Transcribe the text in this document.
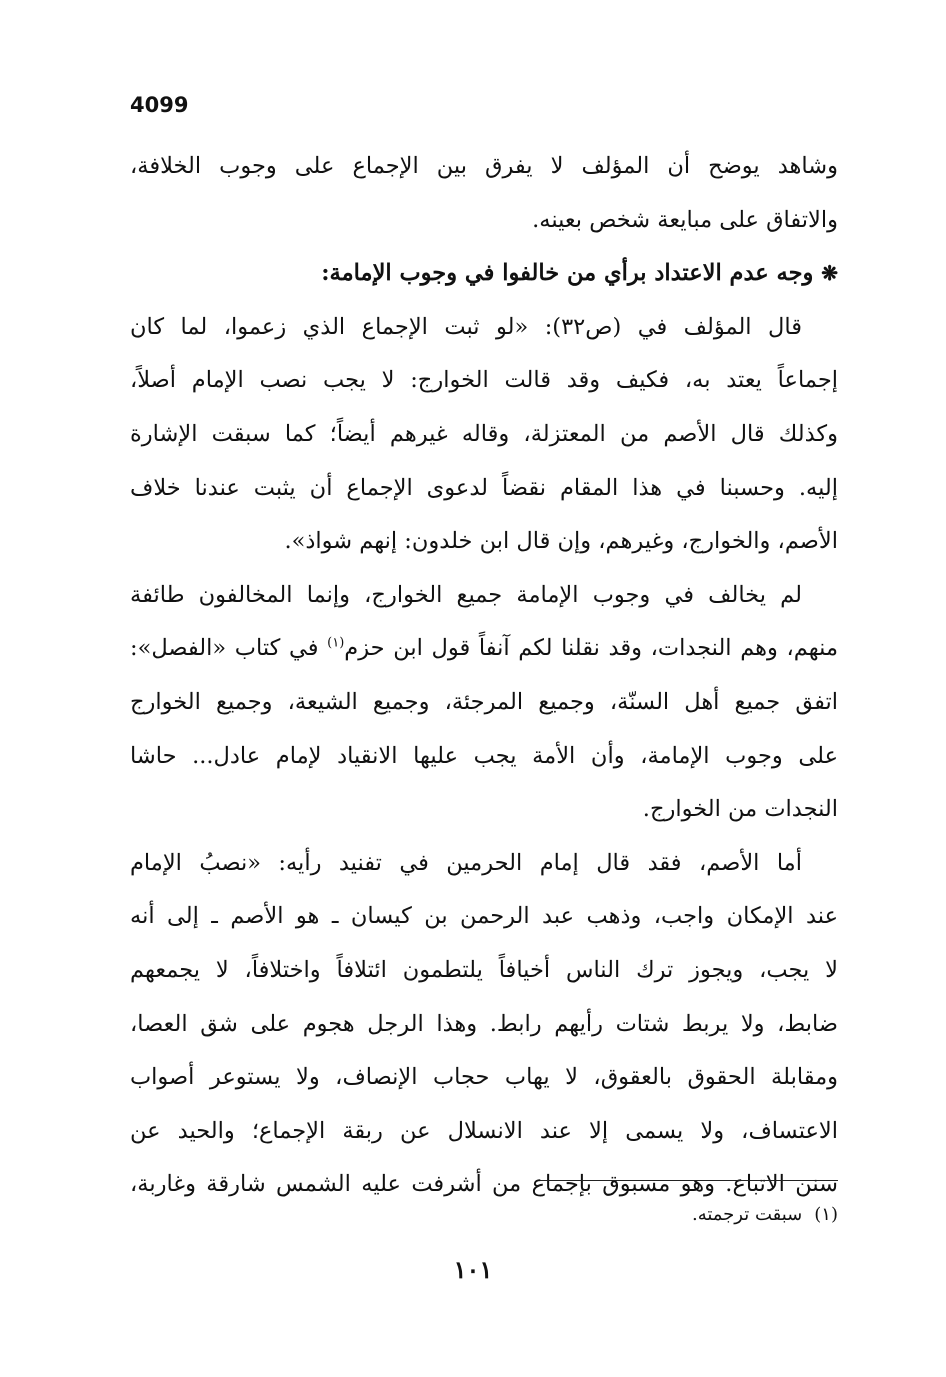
4099

وشاهد يوضح أن المؤلف لا يفرق بين الإجماع على وجوب الخلافة،
والاتفاق على مبايعة شخص بعينه.
❋ وجه عدم الاعتداد برأي من خالفوا في وجوب الإمامة:
قال المؤلف في (ص٣٢): «لو ثبت الإجماع الذي زعموا، لما كان
إجماعاً يعتد به، فكيف وقد قالت الخوارج: لا يجب نصب الإمام أصلاً،
وكذلك قال الأصم من المعتزلة، وقاله غيرهم أيضاً؛ كما سبقت الإشارة
إليه. وحسبنا في هذا المقام نقضاً لدعوى الإجماع أن يثبت عندنا خلاف
الأصم، والخوارج، وغيرهم، وإن قال ابن خلدون: إنهم شواذ».
لم يخالف في وجوب الإمامة جميع الخوارج، وإنما المخالفون طائفة
منهم، وهم النجدات، وقد نقلنا لكم آنفاً قول ابن حزم$^{(١)}$ في كتاب «الفصل»:
اتفق جميع أهل السنّة، وجميع المرجئة، وجميع الشيعة، وجميع الخوارج
على وجوب الإمامة، وأن الأمة يجب عليها الانقياد لإمام عادل... حاشا
النجدات من الخوارج.
أما الأصم، فقد قال إمام الحرمين في تفنيد رأيه: «نصبُ الإمام
عند الإمكان واجب، وذهب عبد الرحمن بن كيسان ـ هو الأصم ـ إلى أنه
لا يجب، ويجوز ترك الناس أخيافاً يلتطمون ائتلافاً واختلافاً، لا يجمعهم
ضابط، ولا يربط شتات رأيهم رابط. وهذا الرجل هجوم على شق العصا،
ومقابلة الحقوق بالعقوق، لا يهاب حجاب الإنصاف، ولا يستوعر أصواب
الاعتساف، ولا يسمى إلا عند الانسلال عن ربقة الإجماع؛ والحيد عن
سنن الاتباع. وهو مسبوق بإجماع من أشرفت عليه الشمس شارقة وغاربة،

(١)سبقت ترجمته.

١٠١
